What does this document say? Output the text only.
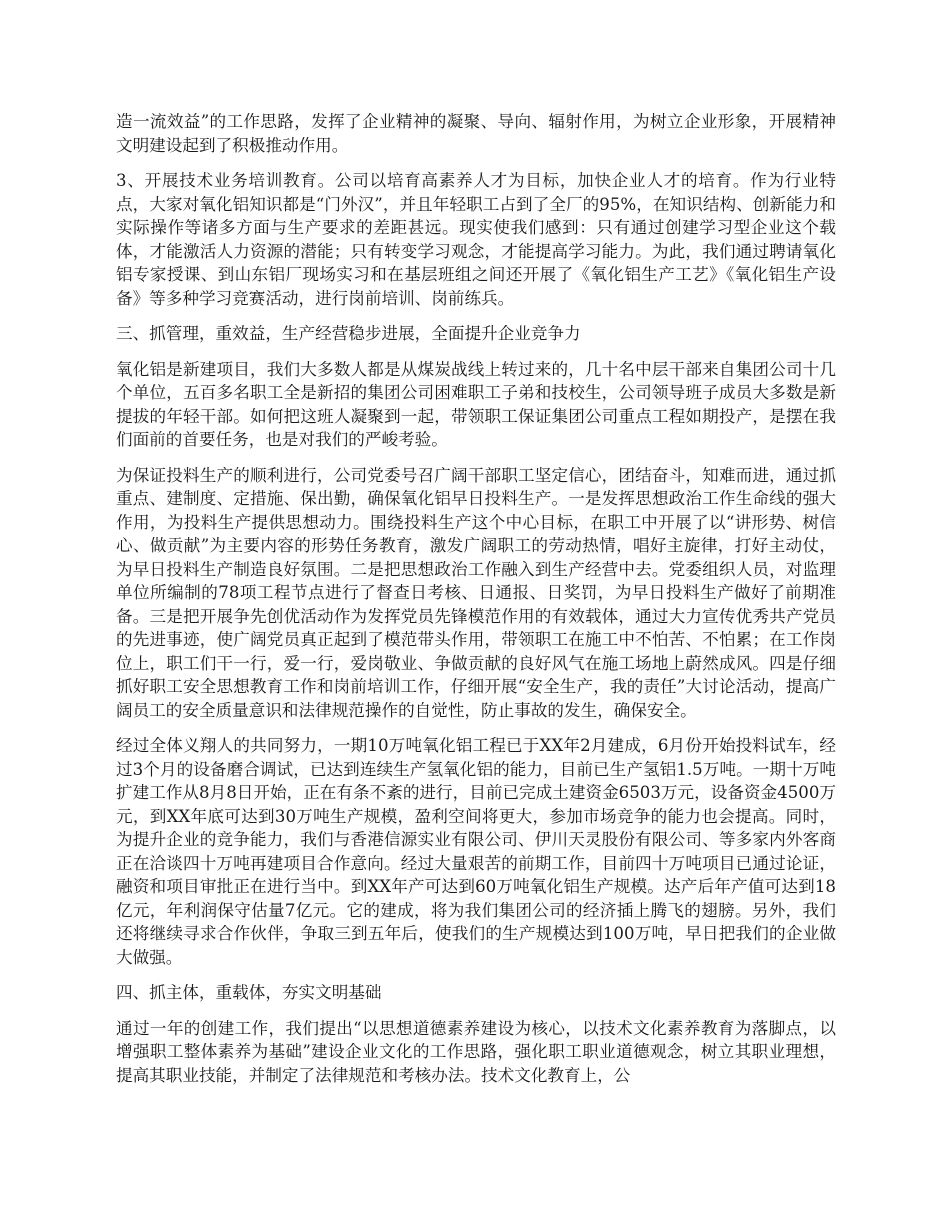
造一流效益”的工作思路，发挥了企业精神的凝聚、导向、辐射作用，为树立企业形象，开展精神文明建设起到了积极推动作用。

3、开展技术业务培训教育。公司以培育高素养人才为目标，加快企业人才的培育。作为行业特点，大家对氧化铝知识都是“门外汉”，并且年轻职工占到了全厂的95%，在知识结构、创新能力和实际操作等诸多方面与生产要求的差距甚远。现实使我们感到：只有通过创建学习型企业这个载体，才能激活人力资源的潜能；只有转变学习观念，才能提高学习能力。为此，我们通过聘请氧化铝专家授课、到山东铝厂现场实习和在基层班组之间还开展了《氧化铝生产工艺》《氧化铝生产设备》等多种学习竞赛活动，进行岗前培训、岗前练兵。

三、抓管理，重效益，生产经营稳步进展，全面提升企业竞争力

氧化铝是新建项目，我们大多数人都是从煤炭战线上转过来的，几十名中层干部来自集团公司十几个单位，五百多名职工全是新招的集团公司困难职工子弟和技校生，公司领导班子成员大多数是新提拔的年轻干部。如何把这班人凝聚到一起，带领职工保证集团公司重点工程如期投产，是摆在我们面前的首要任务，也是对我们的严峻考验。

为保证投料生产的顺利进行，公司党委号召广阔干部职工坚定信心，团结奋斗，知难而进，通过抓重点、建制度、定措施、保出勤，确保氧化铝早日投料生产。一是发挥思想政治工作生命线的强大作用，为投料生产提供思想动力。围绕投料生产这个中心目标，在职工中开展了以“讲形势、树信心、做贡献”为主要内容的形势任务教育，激发广阔职工的劳动热情，唱好主旋律，打好主动仗，为早日投料生产制造良好氛围。二是把思想政治工作融入到生产经营中去。党委组织人员，对监理单位所编制的78项工程节点进行了督查日考核、日通报、日奖罚，为早日投料生产做好了前期准备。三是把开展争先创优活动作为发挥党员先锋模范作用的有效载体，通过大力宣传优秀共产党员的先进事迹，使广阔党员真正起到了模范带头作用，带领职工在施工中不怕苦、不怕累；在工作岗位上，职工们干一行，爱一行，爱岗敬业、争做贡献的良好风气在施工场地上蔚然成风。四是仔细抓好职工安全思想教育工作和岗前培训工作，仔细开展“安全生产，我的责任”大讨论活动，提高广阔员工的安全质量意识和法律规范操作的自觉性，防止事故的发生，确保安全。

经过全体义翔人的共同努力，一期10万吨氧化铝工程已于XX年2月建成，6月份开始投料试车，经过3个月的设备磨合调试，已达到连续生产氢氧化铝的能力，目前已生产氢铝1.5万吨。一期十万吨扩建工作从8月8日开始，正在有条不紊的进行，目前已完成土建资金6503万元，设备资金4500万元，到XX年底可达到30万吨生产规模，盈利空间将更大，参加市场竞争的能力也会提高。同时，为提升企业的竞争能力，我们与香港信源实业有限公司、伊川天灵股份有限公司、等多家内外客商正在洽谈四十万吨再建项目合作意向。经过大量艰苦的前期工作，目前四十万吨项目已通过论证，融资和项目审批正在进行当中。到XX年产可达到60万吨氧化铝生产规模。达产后年产值可达到18亿元，年利润保守估量7亿元。它的建成，将为我们集团公司的经济插上腾飞的翅膀。另外，我们还将继续寻求合作伙伴，争取三到五年后，使我们的生产规模达到100万吨，早日把我们的企业做大做强。

四、抓主体，重载体，夯实文明基础

通过一年的创建工作，我们提出“以思想道德素养建设为核心，以技术文化素养教育为落脚点，以增强职工整体素养为基础”建设企业文化的工作思路，强化职工职业道德观念，树立其职业理想，提高其职业技能，并制定了法律规范和考核办法。技术文化教育上，公
